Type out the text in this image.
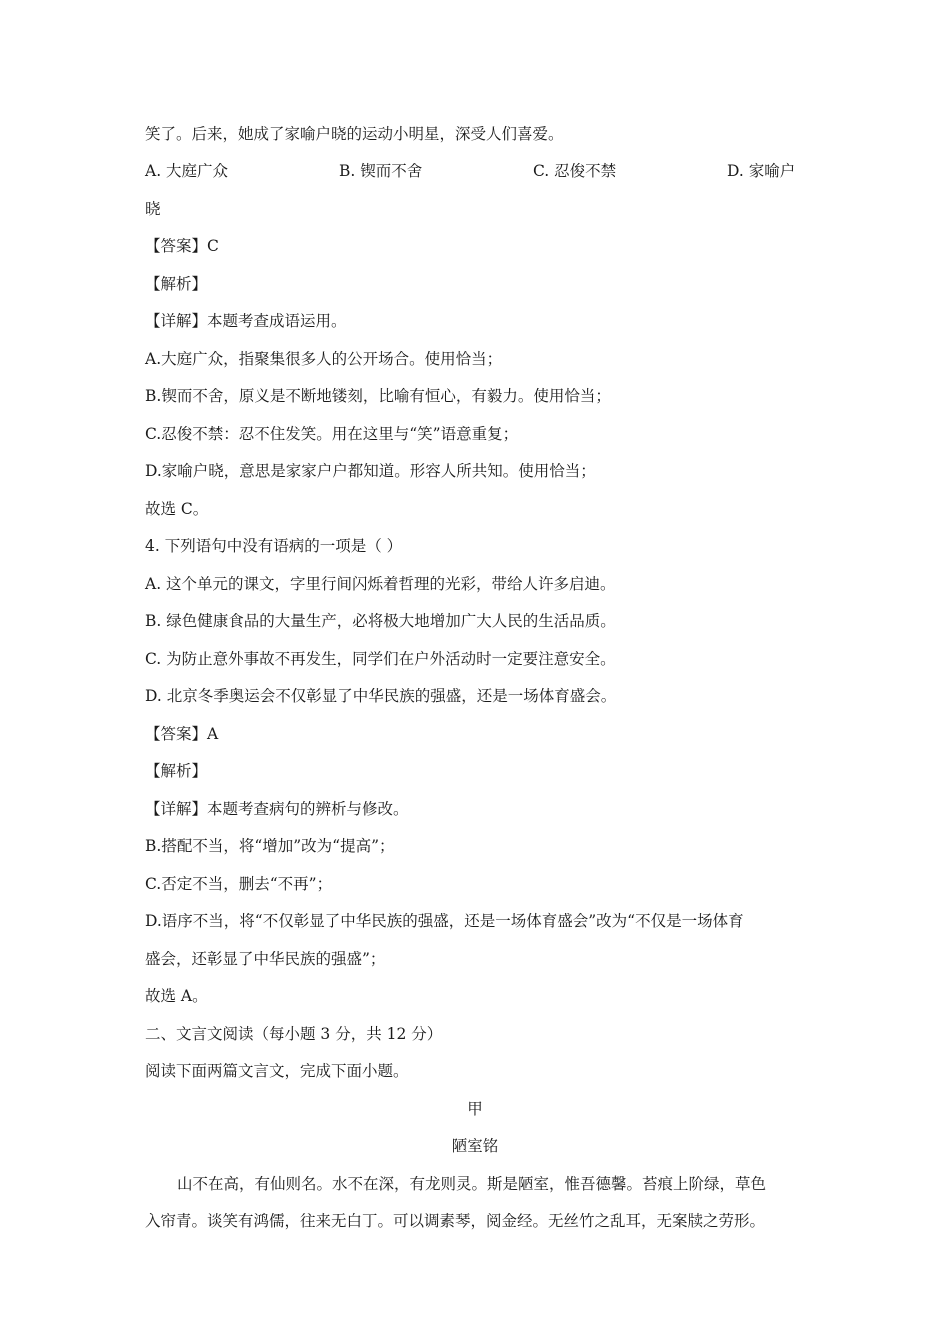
笑了。后来，她成了家喻户晓的运动小明星，深受人们喜爱。
A. 大庭广众	B. 锲而不舍	C. 忍俊不禁	D. 家喻户
晓
【答案】C
【解析】
【详解】本题考查成语运用。
A.大庭广众，指聚集很多人的公开场合。使用恰当；
B.锲而不舍，原义是不断地镂刻，比喻有恒心，有毅力。使用恰当；
C.忍俊不禁：忍不住发笑。用在这里与“笑”语意重复；
D.家喻户晓，意思是家家户户都知道。形容人所共知。使用恰当；
故选 C。
4. 下列语句中没有语病的一项是（ ）
A. 这个单元的课文，字里行间闪烁着哲理的光彩，带给人许多启迪。
B. 绿色健康食品的大量生产，必将极大地增加广大人民的生活品质。
C. 为防止意外事故不再发生，同学们在户外活动时一定要注意安全。
D. 北京冬季奥运会不仅彰显了中华民族的强盛，还是一场体育盛会。
【答案】A
【解析】
【详解】本题考查病句的辨析与修改。
B.搭配不当，将“增加”改为“提高”；
C.否定不当，删去“不再”；
D.语序不当，将“不仅彰显了中华民族的强盛，还是一场体育盛会”改为“不仅是一场体育
盛会，还彰显了中华民族的强盛”；
故选 A。
二、文言文阅读（每小题 3 分，共 12 分）
阅读下面两篇文言文，完成下面小题。
甲
陋室铭
山不在高，有仙则名。水不在深，有龙则灵。斯是陋室，惟吾德馨。苔痕上阶绿，草色
入帘青。谈笑有鸿儒，往来无白丁。可以调素琴，阅金经。无丝竹之乱耳，无案牍之劳形。
